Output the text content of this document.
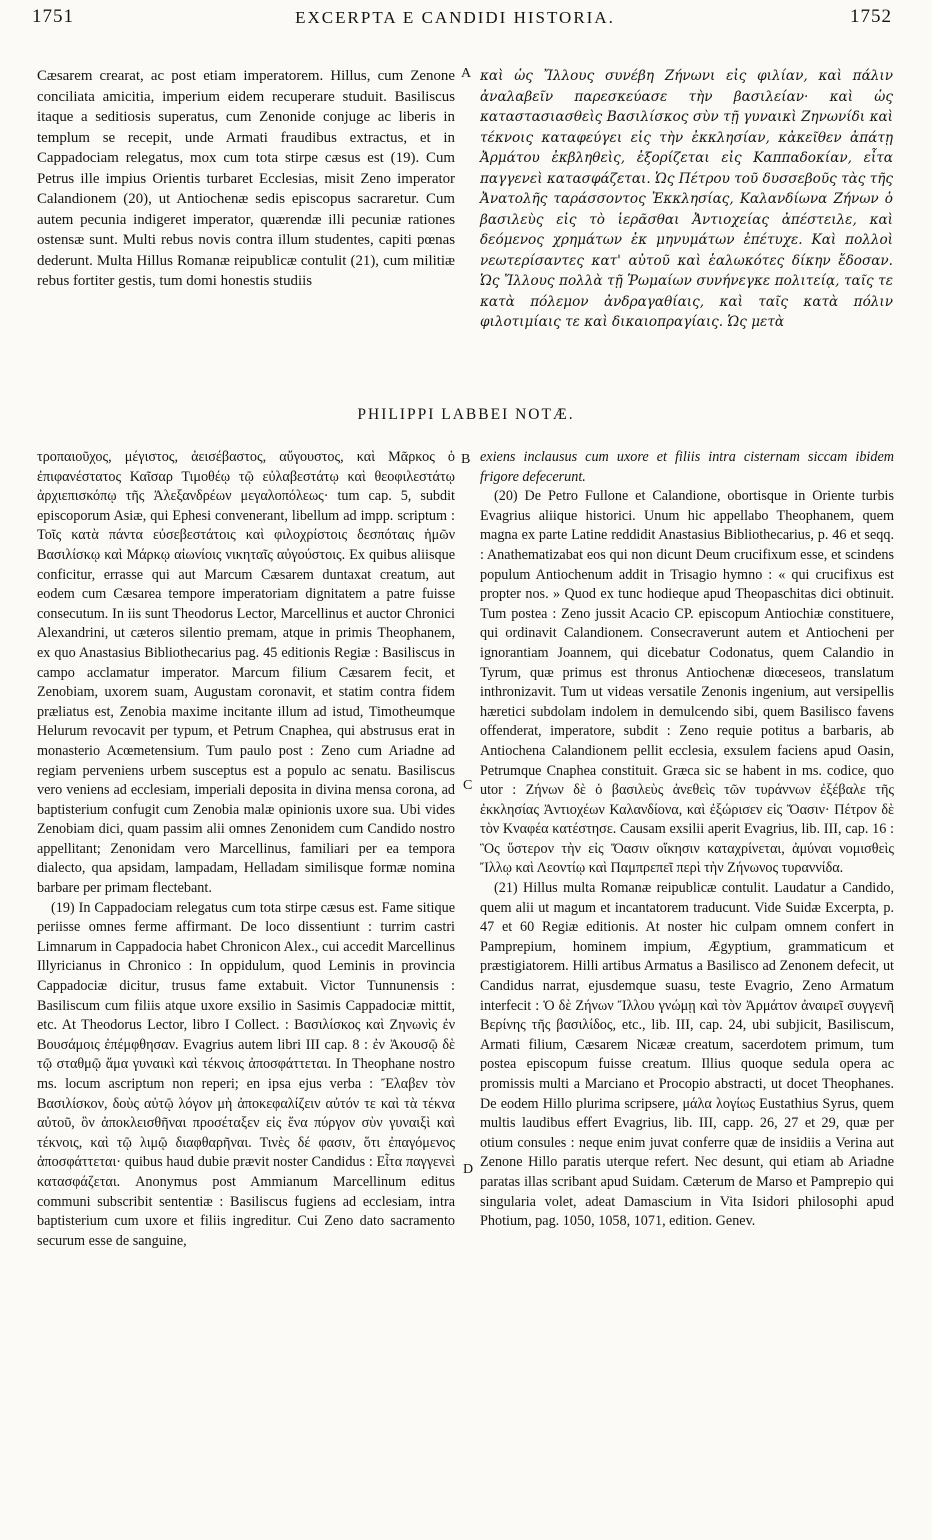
1751	EXCERPTA E CANDIDI HISTORIA.	1752

Cæsarem crearat, ac post etiam imperatorem. Hillus, cum Zenone conciliata amicitia, imperium eidem recuperare studuit. Basiliscus itaque a seditiosis superatus, cum Zenonide conjuge ac liberis in templum se recepit, unde Armati fraudibus extractus, et in Cappadociam relegatus, mox cum tota stirpe cæsus est (19). Cum Petrus ille impius Orientis turbaret Ecclesias, misit Zeno imperator Calandionem (20), ut Antiochenæ sedis episcopus sacraretur. Cum autem pecunia indigeret imperator, quærendæ illi pecuniæ rationes ostensæ sunt. Multi rebus novis contra illum studentes, capiti pœnas dederunt. Multa Hillus Romanæ reipublicæ contulit (21), cum militiæ rebus fortiter gestis, tum domi honestis studiis

A καὶ ὡς Ἴλλους συνέβη Ζήνωνι εἰς φιλίαν, καὶ πάλιν ἀναλαβεῖν παρεσκεύασε τὴν βασιλείαν· καὶ ὡς καταστασιασθεὶς Βασιλίσκος σὺν τῇ γυναικὶ Ζηνωνίδι καὶ τέκνοις καταφεύγει εἰς τὴν ἐκκλησίαν, κἀκεῖθεν ἀπάτῃ Ἀρμάτου ἐκβληθεὶς, ἐξορίζεται εἰς Καππαδοκίαν, εἶτα παγγενεὶ κατασφάζεται. Ὡς Πέτρου τοῦ δυσσεβοῦς τὰς τῆς Ἀνατολῆς ταράσσοντος Ἐκκλησίας, Καλανδίωνα Ζήνων ὁ βασιλεὺς εἰς τὸ ἱερᾶσθαι Ἀντιοχείας ἀπέστειλε, καὶ δεόμενος χρημάτων ἐκ μηνυμάτων ἐπέτυχε. Καὶ πολλοὶ νεωτερίσαντες κατ' αὐτοῦ καὶ ἑαλωκότες δίκην ἔδοσαν. Ὡς Ἴλλους πολλὰ τῇ Ῥωμαίων συνήνεγκε πολιτείᾳ, ταῖς τε κατὰ πόλεμον ἀνδραγαθίαις, καὶ ταῖς κατὰ πόλιν φιλοτιμίαις τε καὶ δικαιοπραγίαις. Ὡς μετὰ

PHILIPPI LABBEI NOTÆ.

τροπαιοῦχος, μέγιστος, ἀεισέβαστος, αὔγουστος, καὶ Μᾶρκος ὁ ἐπιφανέστατος Καῖσαρ Τιμοθέῳ τῷ εὐλαβεστάτῳ καὶ θεοφιλεστάτῳ ἀρχιεπισκόπῳ τῆς Ἀλεξανδρέων μεγαλοπόλεως· tum cap. 5, subdit episcoporum Asiæ, qui Ephesi convenerant, libellum ad impp. scriptum : Τοῖς κατὰ πάντα εὐσεβεστάτοις καὶ φιλοχρίστοις δεσπόταις ἡμῶν Βασιλίσκῳ καὶ Μάρκῳ αἰωνίοις νικηταῖς αὐγούστοις. Ex quibus aliisque conficitur, errasse qui aut Marcum Cæsarem duntaxat creatum, aut eodem cum Cæsarea tempore imperatoriam dignitatem a patre fuisse consecutum. In iis sunt Theodorus Lector, Marcellinus et auctor Chronici Alexandrini, ut cæteros silentio premam, atque in primis Theophanem, ex quo Anastasius Bibliothecarius pag. 45 editionis Regiæ : Basiliscus in campo acclamatur imperator. Marcum filium Cæsarem fecit, et Zenobiam, uxorem suam, Augustam coronavit, et statim contra fidem præliatus est, Zenobia maxime incitante illum ad istud, Timotheumque Helurum revocavit per typum, et Petrum Cnaphea, qui abstrusus erat in monasterio Acœmetensium. Tum paulo post : Zeno cum Ariadne ad regiam perveniens urbem susceptus est a populo ac senatu. Basiliscus vero veniens ad ecclesiam, imperiali deposita in divina mensa corona, ad baptisterium confugit cum Zenobia malæ opinionis uxore sua. Ubi vides Zenobiam dici, quam passim alii omnes Zenonidem cum Candido nostro appellitant; Zenonidam vero Marcellinus, familiari per ea tempora dialecto, qua apsidam, lampadam, Helladam similisque formæ nomina barbare per primam flectebant.

(19) In Cappadociam relegatus cum tota stirpe cæsus est. Fame sitique periisse omnes ferme affirmant. De loco dissentiunt : turrim castri Limnarum in Cappadocia habet Chronicon Alex., cui accedit Marcellinus Illyricianus in Chronico : In oppidulum, quod Leminis in provincia Cappadociæ dicitur, trusus fame extabuit. Victor Tunnunensis : Basiliscum cum filiis atque uxore exsilio in Sasimis Cappadociæ mittit, etc. At Theodorus Lector, libro I Collect. : Βασιλίσκος καὶ Ζηνωνὶς ἐν Βουσάμοις ἐπέμφθησαν. Evagrius autem libri III cap. 8 : ἐν Ἀκουσῷ δὲ τῷ σταθμῷ ἅμα γυναικὶ καὶ τέκνοις ἀποσφάττεται. In Theophane nostro ms. locum ascriptum non reperi; en ipsa ejus verba : Ἔλαβεν τὸν Βασιλίσκον, δοὺς αὐτῷ λόγον μὴ ἀποκεφαλίζειν αὐτόν τε καὶ τὰ τέκνα αὐτοῦ, ὃν ἀποκλεισθῆναι προσέταξεν εἰς ἕνα πύργον σὺν γυναιξὶ καὶ τέκνοις, καὶ τῷ λιμῷ διαφθαρῆναι. Τινὲς δέ φασιν, ὅτι ἐπαγόμενος ἀποσφάττεται· quibus haud dubie prævit noster Candidus : Εἶτα παγγενεὶ κατασφάζεται. Anonymus post Ammianum Marcellinum editus communi subscribit sententiæ : Basiliscus fugiens ad ecclesiam, intra baptisterium cum uxore et filiis ingreditur. Cui Zeno dato sacramento securum esse de sanguine,

B
C
D

exiens inclausus cum uxore et filiis intra cisternam siccam ibidem frigore defecerunt.

(20) De Petro Fullone et Calandione, obortisque in Oriente turbis Evagrius aliique historici. Unum hic appellabo Theophanem, quem magna ex parte Latine reddidit Anastasius Bibliothecarius, p. 46 et seqq. : Anathematizabat eos qui non dicunt Deum crucifixum esse, et scindens populum Antiochenum addit in Trisagio hymno : « qui crucifixus est propter nos. » Quod ex tunc hodieque apud Theopaschitas dici obtinuit. Tum postea : Zeno jussit Acacio CP. episcopum Antiochiæ constituere, qui ordinavit Calandionem. Consecraverunt autem et Antiocheni per ignorantiam Joannem, qui dicebatur Codonatus, quem Calandio in Tyrum, quæ primus est thronus Antiochenæ diœceseos, translatum inthronizavit. Tum ut videas versatile Zenonis ingenium, aut versipellis hæretici subdolam indolem in demulcendo sibi, quem Basilisco favens offenderat, imperatore, subdit : Zeno requie potitus a barbaris, ab Antiochena Calandionem pellit ecclesia, exsulem faciens apud Oasin, Petrumque Cnaphea constituit. Græca sic se habent in ms. codice, quo utor : Ζήνων δὲ ὁ βασιλεὺς ἀνεθεὶς τῶν τυράννων ἐξέβαλε τῆς ἐκκλησίας Ἀντιοχέων Καλανδίονα, καὶ ἐξώρισεν εἰς Ὄασιν· Πέτρον δὲ τὸν Κναφέα κατέστησε. Causam exsilii aperit Evagrius, lib. III, cap. 16 : Ὃς ὕστερον τὴν εἰς Ὄασιν οἴκησιν καταχρίνεται, ἀμύναι νομισθεὶς Ἴλλῳ καὶ Λεοντίῳ καὶ Παμπρεπεῖ περὶ τὴν Ζήνωνος τυραννίδα.

(21) Hillus multa Romanæ reipublicæ contulit. Laudatur a Candido, quem alii ut magum et incantatorem traducunt. Vide Suidæ Excerpta, p. 47 et 60 Regiæ editionis. At noster hic culpam omnem confert in Pamprepium, hominem impium, Ægyptium, grammaticum et præstigiatorem. Hilli artibus Armatus a Basilisco ad Zenonem defecit, ut Candidus narrat, ejusdemque suasu, teste Evagrio, Zeno Armatum interfecit : Ὁ δὲ Ζήνων Ἴλλου γνώμῃ καὶ τὸν Ἀρμάτον ἀναιρεῖ συγγενῆ Βερίνης τῆς βασιλίδος, etc., lib. III, cap. 24, ubi subjicit, Basiliscum, Armati filium, Cæsarem Nicææ creatum, sacerdotem primum, tum postea episcopum fuisse creatum. Illius quoque sedula opera ac promissis multi a Marciano et Procopio abstracti, ut docet Theophanes. De eodem Hillo plurima scripsere, μάλα λογίως Eustathius Syrus, quem multis laudibus effert Evagrius, lib. III, capp. 26, 27 et 29, quæ per otium consules : neque enim juvat conferre quæ de insidiis a Verina aut Zenone Hillo paratis uterque refert. Nec desunt, qui etiam ab Ariadne paratas illas scribant apud Suidam. Cæterum de Marso et Pamprepio qui singularia volet, adeat Damascium in Vita Isidori philosophi apud Photium, pag. 1050, 1058, 1071, edition. Genev.
